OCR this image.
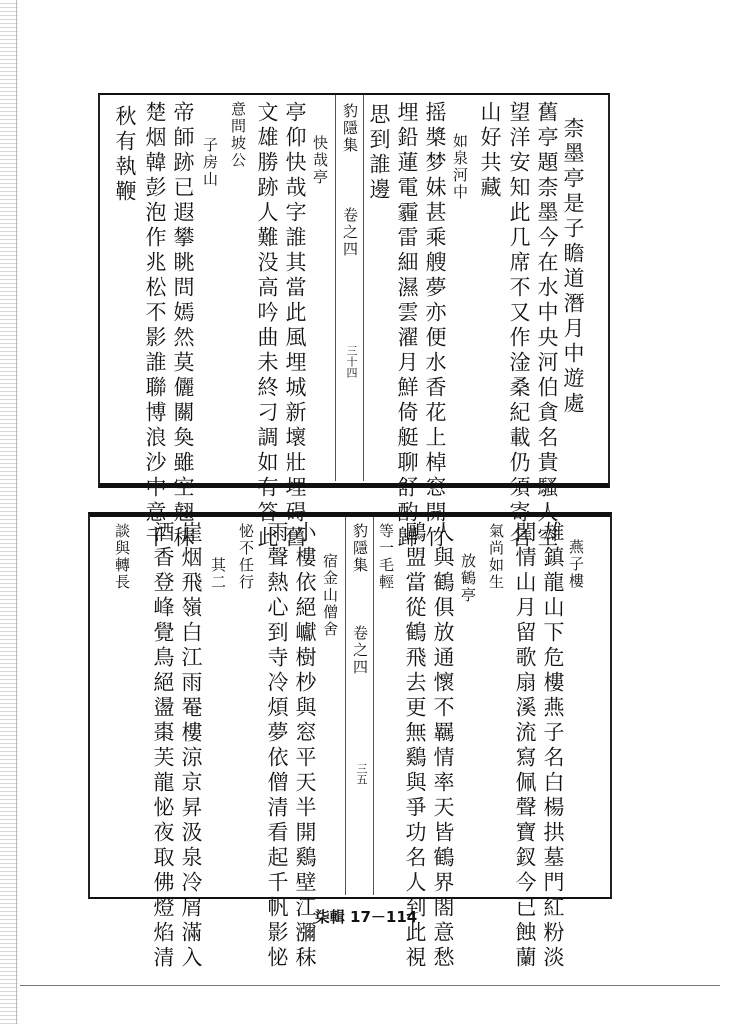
柰墨亭是子瞻道潛月中遊處
舊亭題柰墨今在水中央河伯貪名貴騷人空
望洋安知此几席不又作淦桑紀載仍須寄名
山好共藏
如泉河中
摇槳梦妹甚乘艘夢亦便水香花上棹窓開竹
埋鉛蓮電霾雷細濕雲濯月鮮倚艇聊舒酌歸
思到誰邊
豹隱集
卷之四
三十四
快哉亭
亭仰快哉字誰其當此風埋城新壞壯埋碍舊
文雄勝跡人難没高吟曲未終刁調如有答此
意問坡公
子房山
帝師跡已遐攀眺問嫣然莫儷關奐雖空翹秣
楚烟韓彭泡作兆松不影誰聯博浪沙中意千
秋有執鞭
燕子樓
雄鎮龍山下危樓燕子名白楊拱墓門紅粉淡
閨情山月留歌扇溪流寫佩聲寶釵今已蝕蘭
氣尚如生
放鶴亭
人與鶴俱放通懷不羈情率天皆鶴界閤意愁
鷗盟當從鶴飛去更無鷄與爭功名人到此視
等一毛輕
豹隱集
卷之四
三五
宿金山僧舍
小樓依絕巘樹杪與窓平天半開鷄壁江瀰秣
雨聲熱心到寺冷煩夢依僧清看起千帆影怭
怭不任行
其二
崖烟飛嶺白江雨罨樓涼京昇汲泉冷屑滿入
酒香登峰覺鳥絕盪棗芙龍怭夜取佛燈焰清
談與轉長
柒輯 17－114
